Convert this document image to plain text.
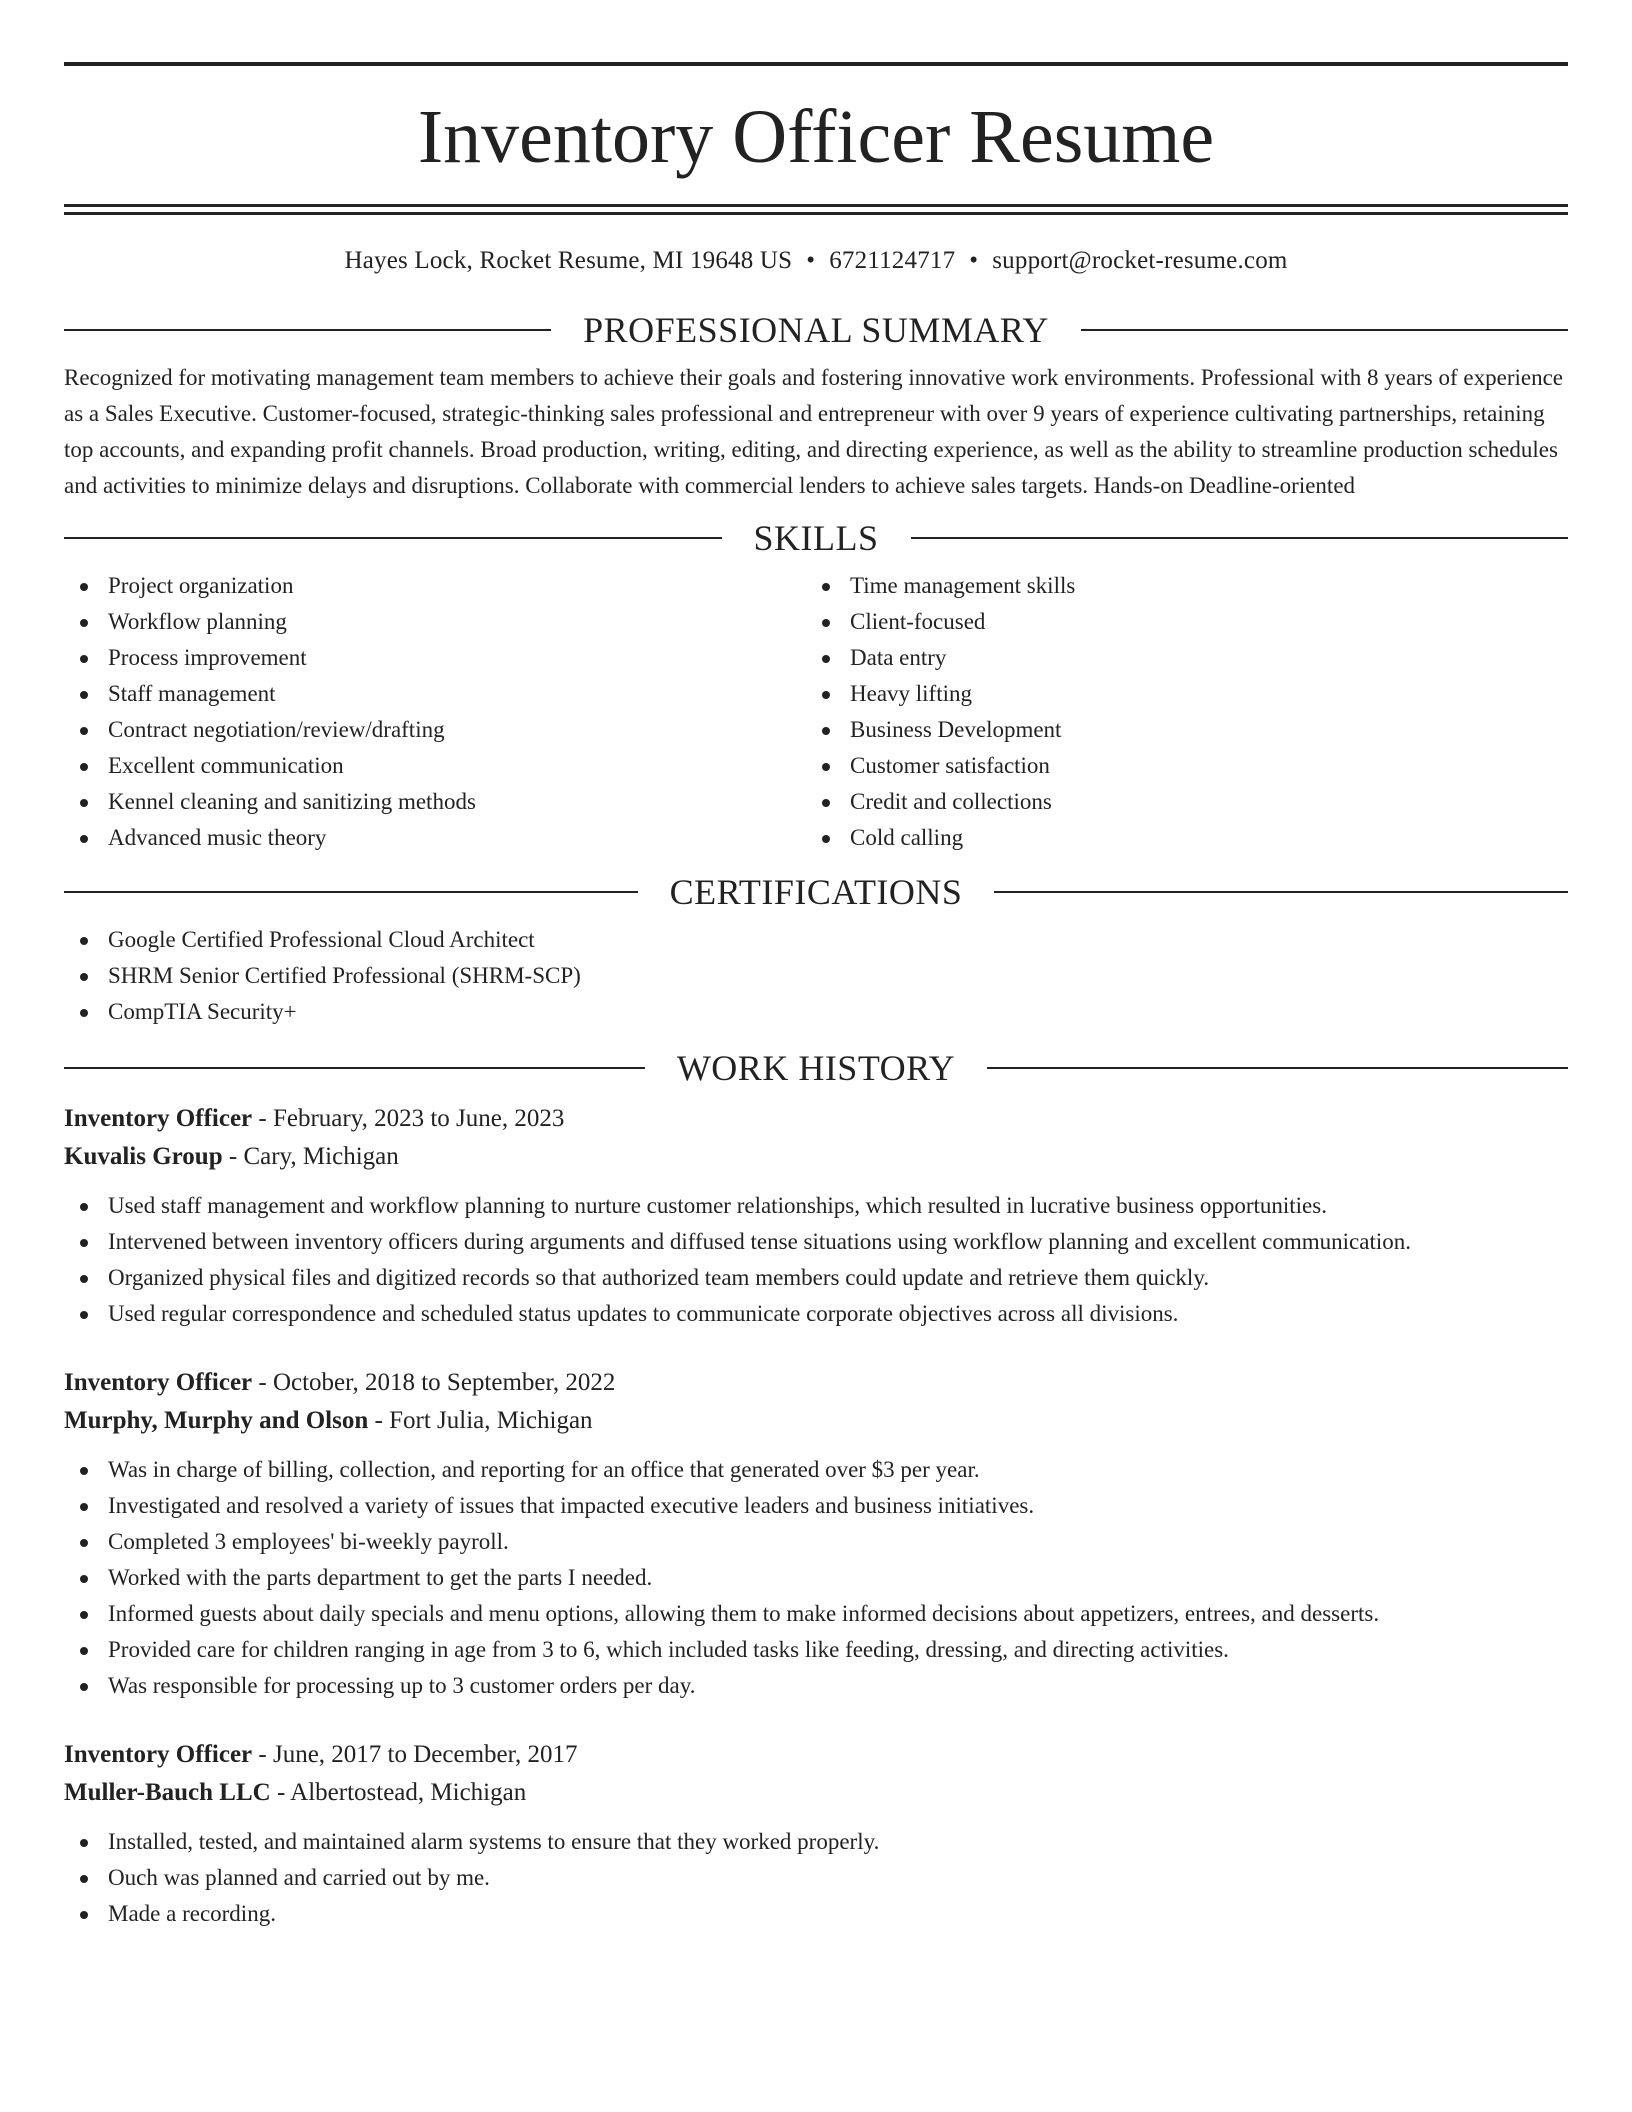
Inventory Officer Resume
Hayes Lock, Rocket Resume, MI 19648 US • 6721124717 • support@rocket-resume.com
PROFESSIONAL SUMMARY
Recognized for motivating management team members to achieve their goals and fostering innovative work environments. Professional with 8 years of experience as a Sales Executive. Customer-focused, strategic-thinking sales professional and entrepreneur with over 9 years of experience cultivating partnerships, retaining top accounts, and expanding profit channels. Broad production, writing, editing, and directing experience, as well as the ability to streamline production schedules and activities to minimize delays and disruptions. Collaborate with commercial lenders to achieve sales targets. Hands-on Deadline-oriented
SKILLS
Project organization
Workflow planning
Process improvement
Staff management
Contract negotiation/review/drafting
Excellent communication
Kennel cleaning and sanitizing methods
Advanced music theory
Time management skills
Client-focused
Data entry
Heavy lifting
Business Development
Customer satisfaction
Credit and collections
Cold calling
CERTIFICATIONS
Google Certified Professional Cloud Architect
SHRM Senior Certified Professional (SHRM-SCP)
CompTIA Security+
WORK HISTORY
Inventory Officer - February, 2023 to June, 2023
Kuvalis Group - Cary, Michigan
Used staff management and workflow planning to nurture customer relationships, which resulted in lucrative business opportunities.
Intervened between inventory officers during arguments and diffused tense situations using workflow planning and excellent communication.
Organized physical files and digitized records so that authorized team members could update and retrieve them quickly.
Used regular correspondence and scheduled status updates to communicate corporate objectives across all divisions.
Inventory Officer - October, 2018 to September, 2022
Murphy, Murphy and Olson - Fort Julia, Michigan
Was in charge of billing, collection, and reporting for an office that generated over $3 per year.
Investigated and resolved a variety of issues that impacted executive leaders and business initiatives.
Completed 3 employees' bi-weekly payroll.
Worked with the parts department to get the parts I needed.
Informed guests about daily specials and menu options, allowing them to make informed decisions about appetizers, entrees, and desserts.
Provided care for children ranging in age from 3 to 6, which included tasks like feeding, dressing, and directing activities.
Was responsible for processing up to 3 customer orders per day.
Inventory Officer - June, 2017 to December, 2017
Muller-Bauch LLC - Albertostead, Michigan
Installed, tested, and maintained alarm systems to ensure that they worked properly.
Ouch was planned and carried out by me.
Made a recording.
